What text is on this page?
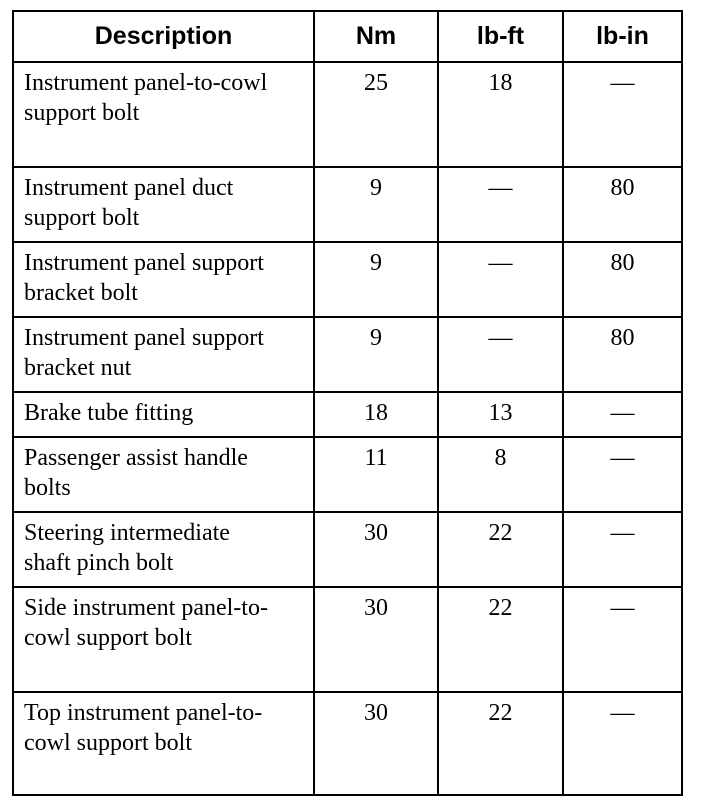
Description	Nm	lb-ft	lb-in

Instrument panel-to-cowl support bolt	25	18	—

Instrument panel duct support bolt	9	—	80

Instrument panel support bracket bolt	9	—	80

Instrument panel support bracket nut	9	—	80

Brake tube fitting	18	13	—

Passenger assist handle bolts	11	8	—

Steering intermediate shaft pinch bolt	30	22	—

Side instrument panel-to-cowl support bolt	30	22	—

Top instrument panel-to-cowl support bolt	30	22	—
